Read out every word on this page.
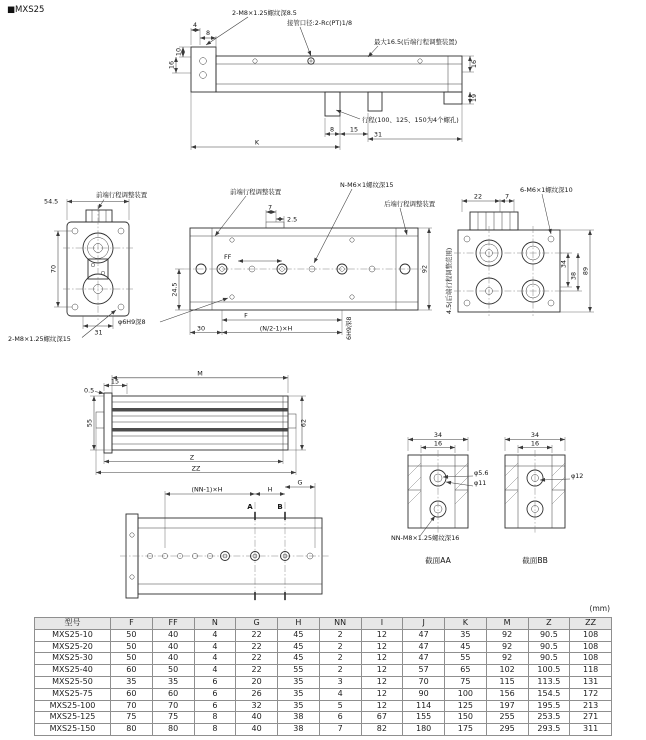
■MXS25	2-M8×1.25螺纹深8.5
接管口径:2-Rc(PT)1/8
最大16.5(后端行程调整装置)
行程(100、125、150为4个螺孔)
4
8
10
16	16
19
8 15
31
K
前端行程调整装置
54.5
70
31
2-M8×1.25螺纹深15
前端行程调整装置
N-M6×1螺纹深15
后端行程调整装置
FF
F
30	(N/2-1)×H	6H9深8
7
2.5
24.5
92
φ6H9深8
6-M6×1螺纹深10
22	7
34
38
89
4.5(后端行程调整范围)
M
15
0.5
55	62
Z
ZZ
G
(NN-1)×H	H
A	B
34
16
φ5.6
φ11
NN-M8×1.25螺纹深16
截面AA
34
16
φ12
截面BB
(mm)
型号	F	FF	N	G	H	NN	I	J	K	M	Z	ZZ
MXS25-10	50	40	4	22	45	2	12	47	35	92	90.5	108
MXS25-20	50	40	4	22	45	2	12	47	45	92	90.5	108
MXS25-30	50	40	4	22	45	2	12	47	55	92	90.5	108
MXS25-40	60	50	4	22	55	2	12	57	65	102	100.5	118
MXS25-50	35	35	6	20	35	3	12	70	75	115	113.5	131
MXS25-75	60	60	6	26	35	4	12	90	100	156	154.5	172
MXS25-100	70	70	6	32	35	5	12	114	125	197	195.5	213
MXS25-125	75	75	8	40	38	6	67	155	150	255	253.5	271
MXS25-150	80	80	8	40	38	7	82	180	175	295	293.5	311
